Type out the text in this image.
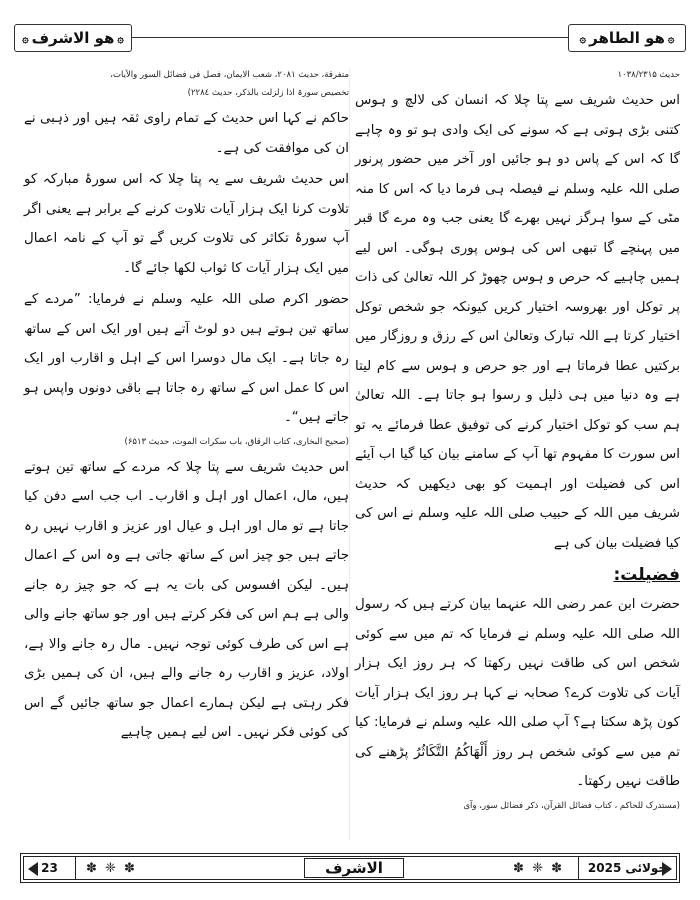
۞
هو الطاهر
۞
۞
هو الاشرف
۞
حدیث ۱۰۳۸/۲۳۱۵
اس حدیث شریف سے پتا چلا کہ انسان کی لالچ و ہوس کتنی بڑی ہوتی ہے کہ سونے کی ایک وادی ہو تو وہ چاہے گا کہ اس کے پاس دو ہو جائیں اور آخر میں حضور پرنور صلی اللہ علیہ وسلم نے فیصلہ ہی فرما دیا کہ اس کا منہ مٹی کے سوا ہرگز نہیں بھرے گا یعنی جب وہ مرے گا قبر میں پہنچے گا تبھی اس کی ہوس پوری ہوگی۔ اس لیے ہمیں چاہیے کہ حرص و ہوس چھوڑ کر اللہ تعالیٰ کی ذات پر توکل اور بھروسہ اختیار کریں کیونکہ جو شخص توکل اختیار کرتا ہے اللہ تبارک وتعالیٰ اس کے رزق و روزگار میں برکتیں عطا فرماتا ہے اور جو حرص و ہوس سے کام لیتا ہے وہ دنیا میں ہی ذلیل و رسوا ہو جاتا ہے۔ اللہ تعالیٰ ہم سب کو توکل اختیار کرنے کی توفیق عطا فرمائے یہ تو اس سورت کا مفہوم تھا آپ کے سامنے بیان کیا گیا اب آیئے اس کی فضیلت اور اہمیت کو بھی دیکھیں کہ حدیث شریف میں اللہ کے حبیب صلی اللہ علیہ وسلم نے اس کی کیا فضیلت بیان کی ہے
فضیلت:
حضرت ابن عمر رضی اللہ عنہما بیان کرتے ہیں کہ رسول اللہ صلی اللہ علیہ وسلم نے فرمایا کہ تم میں سے کوئی شخص اس کی طاقت نہیں رکھتا کہ ہر روز ایک ہزار آیات کی تلاوت کرے؟ صحابہ نے کہا ہر روز ایک ہزار آیات کون پڑھ سکتا ہے؟ آپ صلی اللہ علیہ وسلم نے فرمایا: کیا تم میں سے کوئی شخص ہر روز أَلْهَاكُمُ التَّكَاثُرُ پڑھنے کی طاقت نہیں رکھتا۔
(مستدرک للحاکم ، کتاب فضائل القرآن، ذکر فضائل سور، وآی
متفرقة، حدیث ۲۰۸۱، شعب الایمان، فصل فی فضائل السور والآیات،
تخصیص سورۃ اذا زلزلت بالذکر، حدیث ۲۲۸٤)
حاکم نے کہا اس حدیث کے تمام راوی ثقہ ہیں اور ذہبی نے ان کی موافقت کی ہے۔
اس حدیث شریف سے یہ پتا چلا کہ اس سورۂ مبارکہ کو تلاوت کرنا ایک ہزار آیات تلاوت کرنے کے برابر ہے یعنی اگر آپ سورۂ تکاثر کی تلاوت کریں گے تو آپ کے نامہ اعمال میں ایک ہزار آیات کا ثواب لکھا جائے گا۔
حضور اکرم صلی اللہ علیہ وسلم نے فرمایا: ”مردے کے ساتھ تین ہوتے ہیں دو لوٹ آتے ہیں اور ایک اس کے ساتھ رہ جاتا ہے۔ ایک مال دوسرا اس کے اہل و اقارب اور ایک اس کا عمل اس کے ساتھ رہ جاتا ہے باقی دونوں واپس ہو جاتے ہیں“۔
(صحیح البخاری، کتاب الرقاق، باب سکرات الموت، حدیث ۶۵۱۳)
اس حدیث شریف سے پتا چلا کہ مردے کے ساتھ تین ہوتے ہیں، مال، اعمال اور اہل و اقارب۔ اب جب اسے دفن کیا جاتا ہے تو مال اور اہل و عیال اور عزیز و اقارب نہیں رہ جاتے ہیں جو چیز اس کے ساتھ جاتی ہے وہ اس کے اعمال ہیں۔ لیکن افسوس کی بات یہ ہے کہ جو چیز رہ جانے والی ہے ہم اس کی فکر کرتے ہیں اور جو ساتھ جانے والی ہے اس کی طرف کوئی توجہ نہیں۔ مال رہ جانے والا ہے، اولاد، عزیز و اقارب رہ جانے والے ہیں، ان کی ہمیں بڑی فکر رہتی ہے لیکن ہمارے اعمال جو ساتھ جائیں گے اس کی کوئی فکر نہیں۔ اس لیے ہمیں چاہیے
23	✽ ❈ ✽	الاشرف	✽ ❈ ✽	جولائی
2025
